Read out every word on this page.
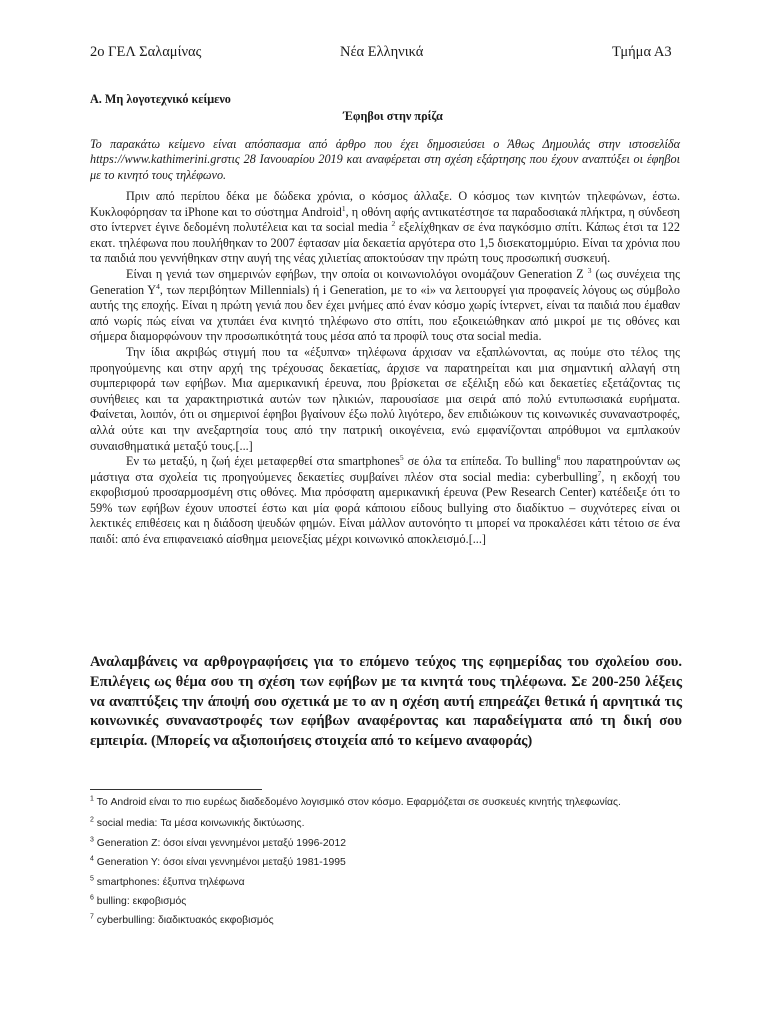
2ο ΓΕΛ Σαλαμίνας	Νέα Ελληνικά	Τμήμα Α3
Α. Μη λογοτεχνικό κείμενο
Έφηβοι στην πρίζα
Το παρακάτω κείμενο είναι απόσπασμα από άρθρο που έχει δημοσιεύσει ο Άθως Δημουλάς στην ιστοσελίδα https://www.kathimerini.grστις 28 Ιανουαρίου 2019 και αναφέρεται στη σχέση εξάρτησης που έχουν αναπτύξει οι έφηβοι με το κινητό τους τηλέφωνο.

Πριν από περίπου δέκα με δώδεκα χρόνια, ο κόσμος άλλαξε. Ο κόσμος των κινητών τηλεφώνων, έστω. Κυκλοφόρησαν τα iPhone και το σύστημα Android$^1$, η οθόνη αφής αντικατέστησε τα παραδοσιακά πλήκτρα, η σύνδεση στο ίντερνετ έγινε δεδομένη πολυτέλεια και τα social media $^2$ εξελίχθηκαν σε ένα παγκόσμιο σπίτι. Κάπως έτσι τα 122 εκατ. τηλέφωνα που πουλήθηκαν το 2007 έφτασαν μία δεκαετία αργότερα στο 1,5 δισεκατομμύριο. Είναι τα χρόνια που τα παιδιά που γεννήθηκαν στην αυγή της νέας χιλιετίας αποκτούσαν την πρώτη τους προσωπική συσκευή.

Είναι η γενιά των σημερινών εφήβων, την οποία οι κοινωνιολόγοι ονομάζουν Generation Z $^3$ (ως συνέχεια της Generation $Y^4$, των περιβόητων Millennials) ή i Generation, με το «i» να λειτουργεί για προφανείς λόγους ως σύμβολο αυτής της εποχής. Είναι η πρώτη γενιά που δεν έχει μνήμες από έναν κόσμο χωρίς ίντερνετ, είναι τα παιδιά που έμαθαν από νωρίς πώς είναι να χτυπάει ένα κινητό τηλέφωνο στο σπίτι, που εξοικειώθηκαν από μικροί με τις οθόνες και σήμερα διαμορφώνουν την προσωπικότητά τους μέσα από τα προφίλ τους στα social media.

Την ίδια ακριβώς στιγμή που τα «έξυπνα» τηλέφωνα άρχισαν να εξαπλώνονται, ας πούμε στο τέλος της προηγούμενης και στην αρχή της τρέχουσας δεκαετίας, άρχισε να παρατηρείται και μια σημαντική αλλαγή στη συμπεριφορά των εφήβων. Μια αμερικανική έρευνα, που βρίσκεται σε εξέλιξη εδώ και δεκαετίες εξετάζοντας τις συνήθειες και τα χαρακτηριστικά αυτών των ηλικιών, παρουσίασε μια σειρά από πολύ εντυπωσιακά ευρήματα. Φαίνεται, λοιπόν, ότι οι σημερινοί έφηβοι βγαίνουν έξω πολύ λιγότερο, δεν επιδιώκουν τις κοινωνικές συναναστροφές, αλλά ούτε και την ανεξαρτησία τους από την πατρική οικογένεια, ενώ εμφανίζονται απρόθυμοι να εμπλακούν συναισθηματικά μεταξύ τους.[...]

Εν τω μεταξύ, η ζωή έχει μεταφερθεί στα smartphones$^5$ σε όλα τα επίπεδα. Το bulling$^6$ που παρατηρούνταν ως μάστιγα στα σχολεία τις προηγούμενες δεκαετίες συμβαίνει πλέον στα social media: cyberbulling$^7$, η εκδοχή του εκφοβισμού προσαρμοσμένη στις οθόνες. Μια πρόσφατη αμερικανική έρευνα (Pew Research Center) κατέδειξε ότι το 59% των εφήβων έχουν υποστεί έστω και μία φορά κάποιου είδους bullying στο διαδίκτυο – συχνότερες είναι οι λεκτικές επιθέσεις και η διάδοση ψευδών φημών. Είναι μάλλον αυτονόητο τι μπορεί να προκαλέσει κάτι τέτοιο σε ένα παιδί: από ένα επιφανειακό αίσθημα μειονεξίας μέχρι κοινωνικό αποκλεισμό.[...]

Αναλαμβάνεις να αρθρογραφήσεις για το επόμενο τεύχος της εφημερίδας του σχολείου σου. Επιλέγεις ως θέμα σου τη σχέση των εφήβων με τα κινητά τους τηλέφωνα. Σε 200-250 λέξεις να αναπτύξεις την άποψή σου σχετικά με το αν η σχέση αυτή επηρεάζει θετικά ή αρνητικά τις κοινωνικές συναναστροφές των εφήβων αναφέροντας και παραδείγματα από τη δική σου εμπειρία. (Μπορείς να αξιοποιήσεις στοιχεία από το κείμενο αναφοράς)
$^1$ Το Android είναι το πιο ευρέως διαδεδομένο λογισμικό στον κόσμο. Εφαρμόζεται σε συσκευές κινητής τηλεφωνίας.
$^2$ social media: Τα μέσα κοινωνικής δικτύωσης.
$^3$ Generation Z: όσοι είναι γεννημένοι μεταξύ 1996-2012
$^4$ Generation Y: όσοι είναι γεννημένοι μεταξύ 1981-1995
$^5$ smartphones: έξυπνα τηλέφωνα
$^6$ bulling: εκφοβισμός
$^7$ cyberbulling: διαδικτυακός εκφοβισμός
